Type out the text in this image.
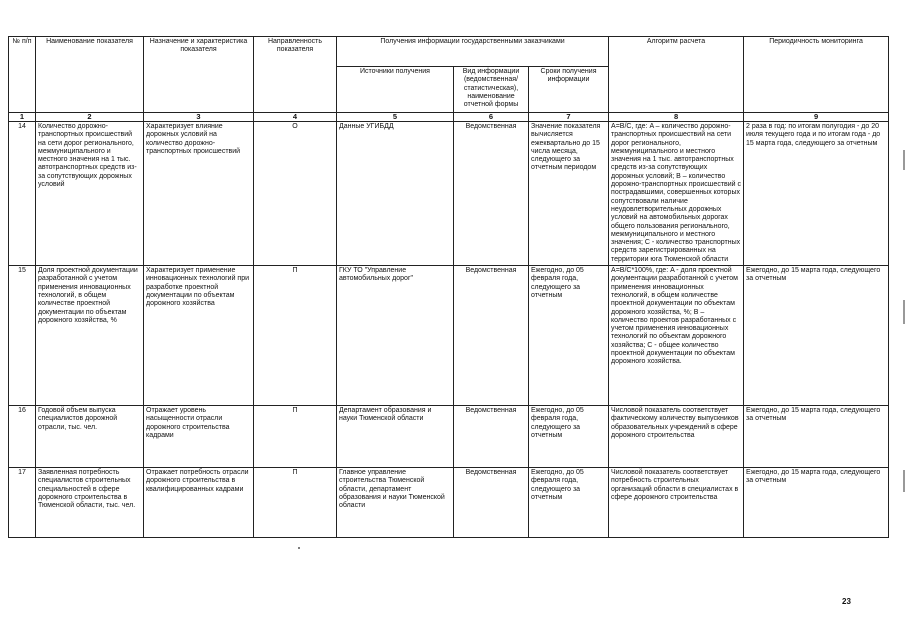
№ п/п	Наименование показателя	Назначение и характеристика показателя	Направленность показателя	Получения информации государственными заказчиками			Алгоритм расчета	Периодичность мониторинга
				Источники получения	Вид информации (ведомственная/ статистическая), наименование отчетной формы	Сроки получения информации		
1	2	3	4	5	6	7	8	9
14	Количество дорожно-транспортных происшествий на сети дорог регионального, межмуниципального и местного значения на 1 тыс. автотранспортных средств из-за сопутствующих дорожных условий	Характеризует влияние дорожных условий на количество дорожно-транспортных происшествий	О	Данные УГИБДД	Ведомственная	Значение показателя вычисляется ежеквартально до 15 числа месяца, следующего за отчетным периодом	A=B/C, где: A – количество дорожно-транспортных происшествий на сети дорог регионального, межмуниципального и местного значения на 1 тыс. автотранспортных средств из-за сопутствующих дорожных условий; B – количество дорожно-транспортных происшествий с пострадавшими, совершенных которых сопутствовали наличие неудовлетворительных дорожных условий на автомобильных дорогах общего пользования регионального, межмуниципального и местного значения; C - количество транспортных средств зарегистрированных на территории юга Тюменской области	2 раза в год: по итогам полугодия - до 20 июля текущего года и по итогам года - до 15 марта года, следующего за отчетным
15	Доля проектной документации разработанной с учетом применения инновационных технологий, в общем количестве проектной документации по объектам дорожного хозяйства, %	Характеризует применение инновационных технологий при разработке проектной документации по объектам дорожного хозяйства	П	ГКУ ТО "Управление автомобильных дорог"	Ведомственная	Ежегодно, до 05 февраля года, следующего за отчетным	A=B/C*100%, где: A - доля проектной документации разработанной с учетом применения инновационных технологий, в общем количестве проектной документации по объектам дорожного хозяйства, %; B – количество проектов разработанных с учетом применения инновационных технологий по объектам дорожного хозяйства; C - общее количество проектной документации по объектам дорожного хозяйства.	Ежегодно, до 15 марта года, следующего за отчетным
16	Годовой объем выпуска специалистов дорожной отрасли, тыс. чел.	Отражает уровень насыщенности отрасли дорожного строительства кадрами	П	Департамент образования и науки Тюменской области	Ведомственная	Ежегодно, до 05 февраля года, следующего за отчетным	Числовой показатель соответствует фактическому количеству выпускников образовательных учреждений в сфере дорожного строительства	Ежегодно, до 15 марта года, следующего за отчетным
17	Заявленная потребность специалистов строительных специальностей в сфере дорожного строительства в Тюменской области, тыс. чел.	Отражает потребность отрасли дорожного строительства в квалифицированных кадрами	П	Главное управление строительства Тюменской области, департамент образования и науки Тюменской области	Ведомственная	Ежегодно, до 05 февраля года, следующего за отчетным	Числовой показатель соответствует потребность строительных организаций области в специалистах в сфере дорожного строительства	Ежегодно, до 15 марта года, следующего за отчетным
23
